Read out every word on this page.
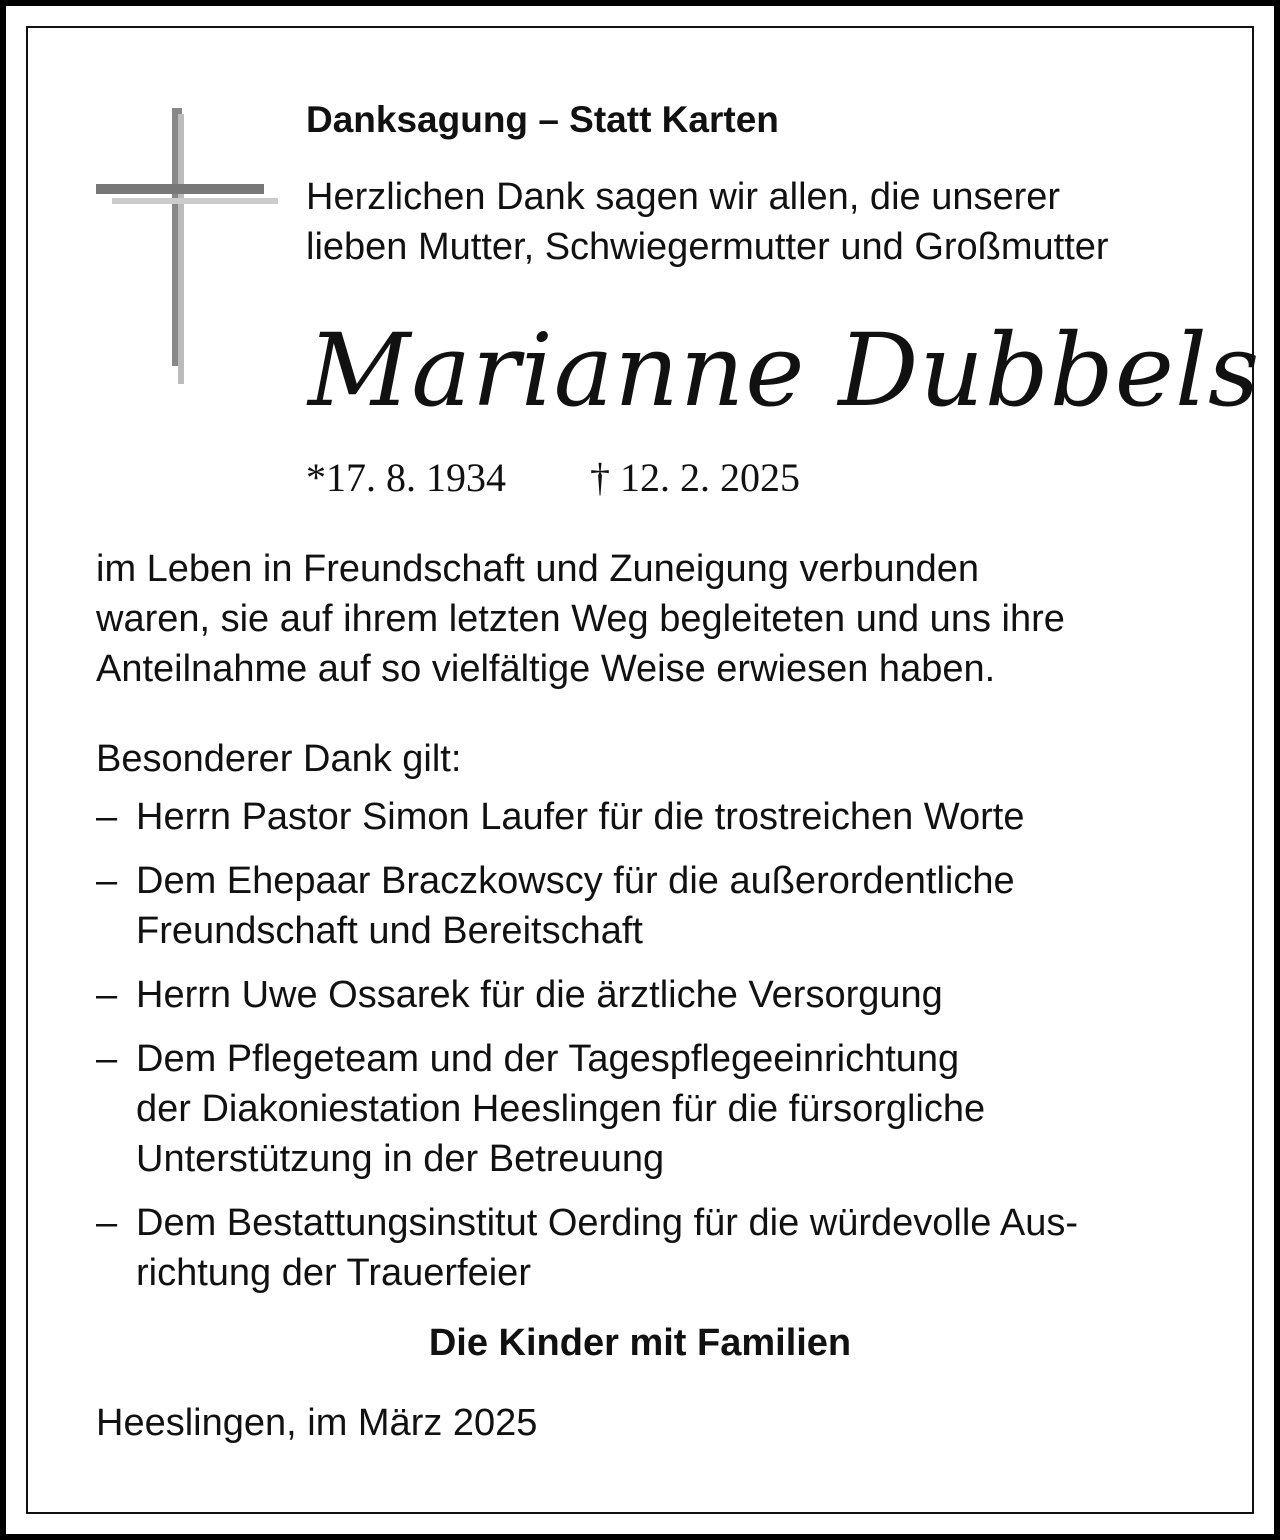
Danksagung – Statt Karten
Herzlichen Dank sagen wir allen, die unserer
lieben Mutter, Schwiegermutter und Großmutter
Marianne Dubbels
*17. 8. 1934 † 12. 2. 2025
im Leben in Freundschaft und Zuneigung verbunden
waren, sie auf ihrem letzten Weg begleiteten und uns ihre
Anteilnahme auf so vielfältige Weise erwiesen haben.
Besonderer Dank gilt:
– Herrn Pastor Simon Laufer für die trostreichen Worte
– Dem Ehepaar Braczkowscy für die außerordentliche
Freundschaft und Bereitschaft
– Herrn Uwe Ossarek für die ärztliche Versorgung
– Dem Pflegeteam und der Tagespflegeeinrichtung
der Diakoniestation Heeslingen für die fürsorgliche
Unterstützung in der Betreuung
– Dem Bestattungsinstitut Oerding für die würdevolle Aus-
richtung der Trauerfeier
Die Kinder mit Familien
Heeslingen, im März 2025
